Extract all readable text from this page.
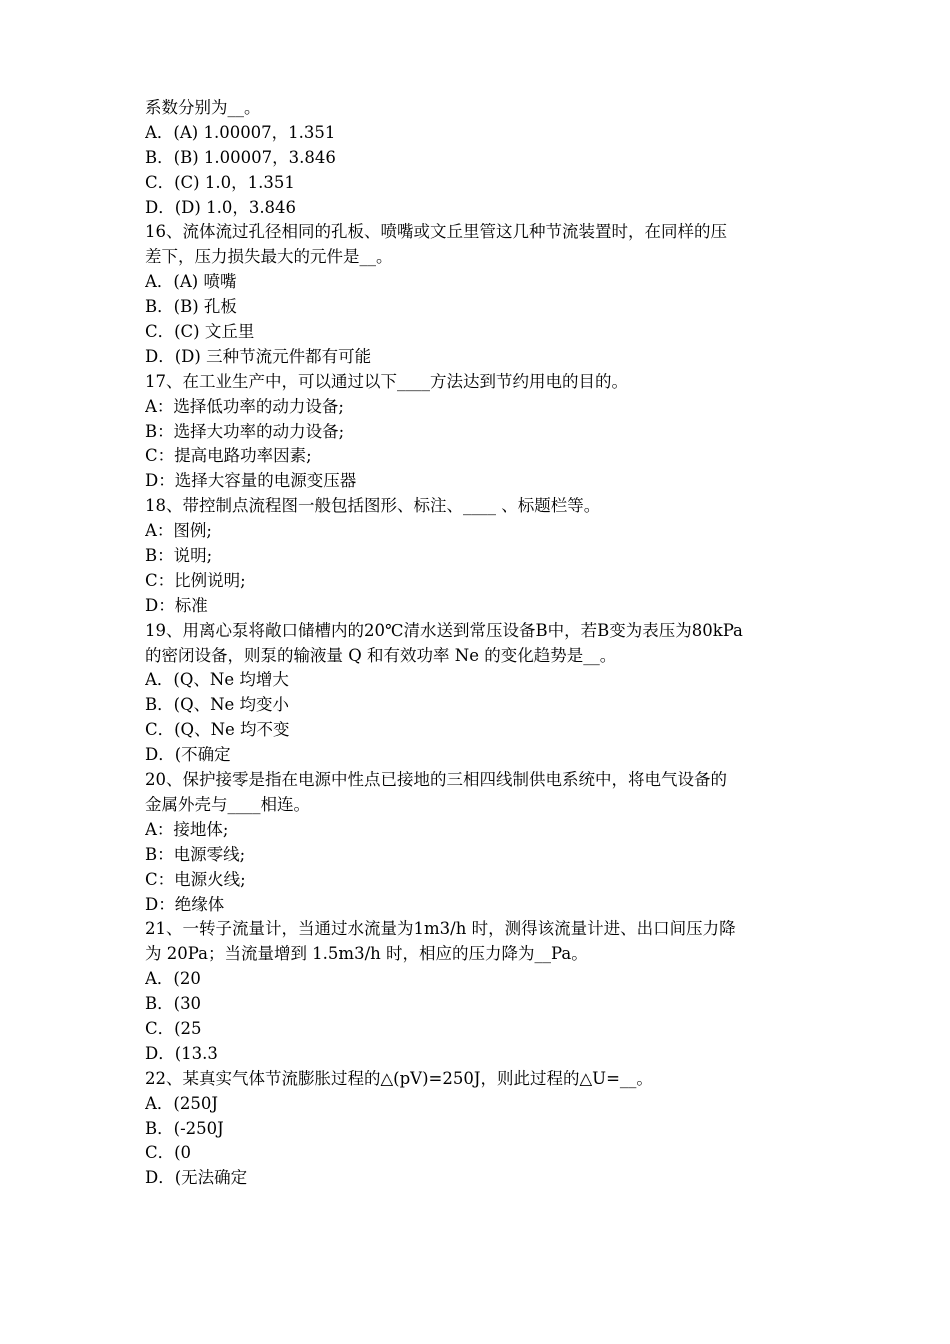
系数分别为__。
A．(A) 1.00007，1.351
B．(B) 1.00007，3.846
C．(C) 1.0，1.351
D．(D) 1.0，3.846
16、流体流过孔径相同的孔板、喷嘴或文丘里管这几种节流装置时，在同样的压
差下，压力损失最大的元件是__。
A．(A) 喷嘴
B．(B) 孔板
C．(C) 文丘里
D．(D) 三种节流元件都有可能
17、在工业生产中，可以通过以下____方法达到节约用电的目的。
A：选择低功率的动力设备;
B：选择大功率的动力设备;
C：提高电路功率因素;
D：选择大容量的电源变压器
18、带控制点流程图一般包括图形、标注、____ 、标题栏等。
A：图例;
B：说明;
C：比例说明;
D：标准
19、用离心泵将敞口储槽内的20℃清水送到常压设备B中，若B变为表压为80kPa
的密闭设备，则泵的输液量 Q 和有效功率 Ne 的变化趋势是__。
A．(Q、Ne 均增大
B．(Q、Ne 均变小
C．(Q、Ne 均不变
D．(不确定
20、保护接零是指在电源中性点已接地的三相四线制供电系统中，将电气设备的
金属外壳与____相连。
A：接地体;
B：电源零线;
C：电源火线;
D：绝缘体
21、一转子流量计，当通过水流量为1m3/h 时，测得该流量计进、出口间压力降
为 20Pa；当流量增到 1.5m3/h 时，相应的压力降为__Pa。
A．(20
B．(30
C．(25
D．(13.3
22、某真实气体节流膨胀过程的△(pV)=250J，则此过程的△U=__。
A．(250J
B．(-250J
C．(0
D．(无法确定
